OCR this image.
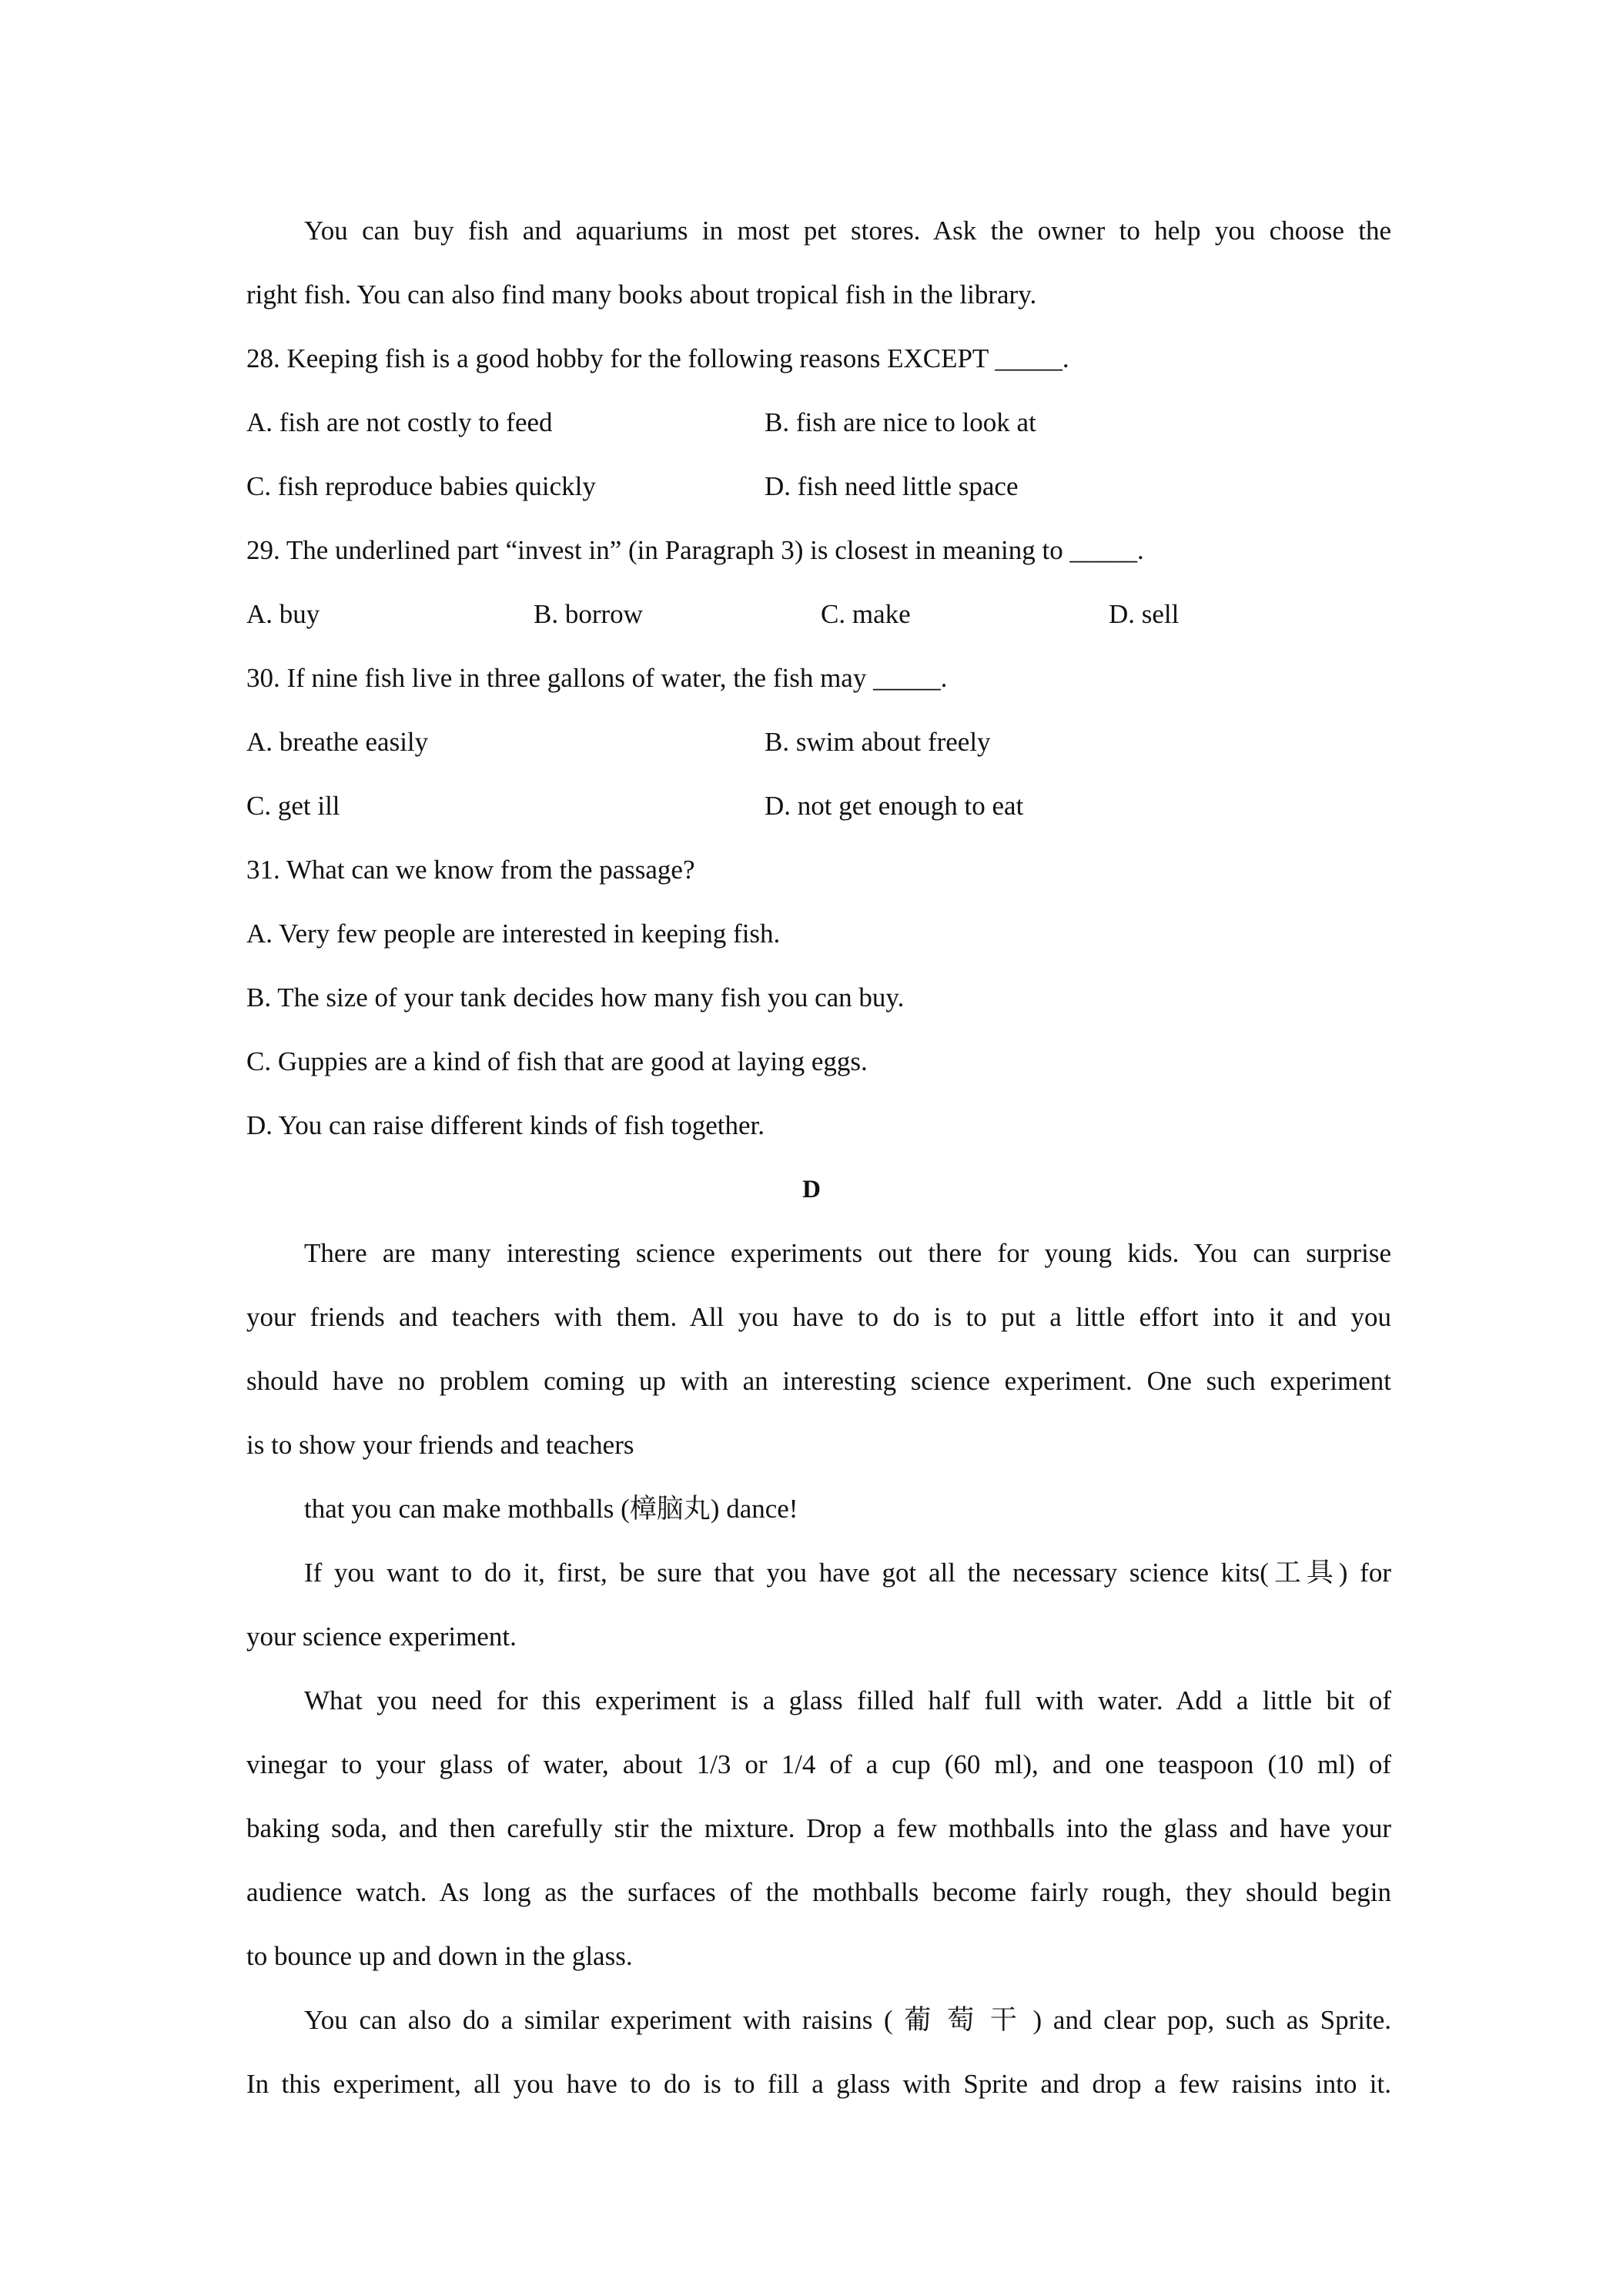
You can buy fish and aquariums in most pet stores. Ask the owner to help you choose the
right fish. You can also find many books about tropical fish in the library.
28. Keeping fish is a good hobby for the following reasons EXCEPT _____.
A. fish are not costly to feed	B. fish are nice to look at
C. fish reproduce babies quickly	D. fish need little space
29. The underlined part “invest in” (in Paragraph 3) is closest in meaning to _____.
A. buy	B. borrow	C. make	D. sell
30. If nine fish live in three gallons of water, the fish may _____.
A. breathe easily	B. swim about freely
C. get ill	D. not get enough to eat
31. What can we know from the passage?
A. Very few people are interested in keeping fish.
B. The size of your tank decides how many fish you can buy.
C. Guppies are a kind of fish that are good at laying eggs.
D. You can raise different kinds of fish together.
D
There are many interesting science experiments out there for young kids. You can surprise
your friends and teachers with them. All you have to do is to put a little effort into it and you
should have no problem coming up with an interesting science experiment. One such experiment
is to show your friends and teachers
that you can make mothballs (樟脑丸) dance!
If you want to do it, first, be sure that you have got all the necessary science kits(工具) for
your science experiment.
What you need for this experiment is a glass filled half full with water. Add a little bit of
vinegar to your glass of water, about 1/3 or 1/4 of a cup (60 ml), and one teaspoon (10 ml) of
baking soda, and then carefully stir the mixture. Drop a few mothballs into the glass and have your
audience watch. As long as the surfaces of the mothballs become fairly rough, they should begin
to bounce up and down in the glass.
You can also do a similar experiment with raisins ( 葡 萄 干 ) and clear pop, such as Sprite.
In this experiment, all you have to do is to fill a glass with Sprite and drop a few raisins into it.
